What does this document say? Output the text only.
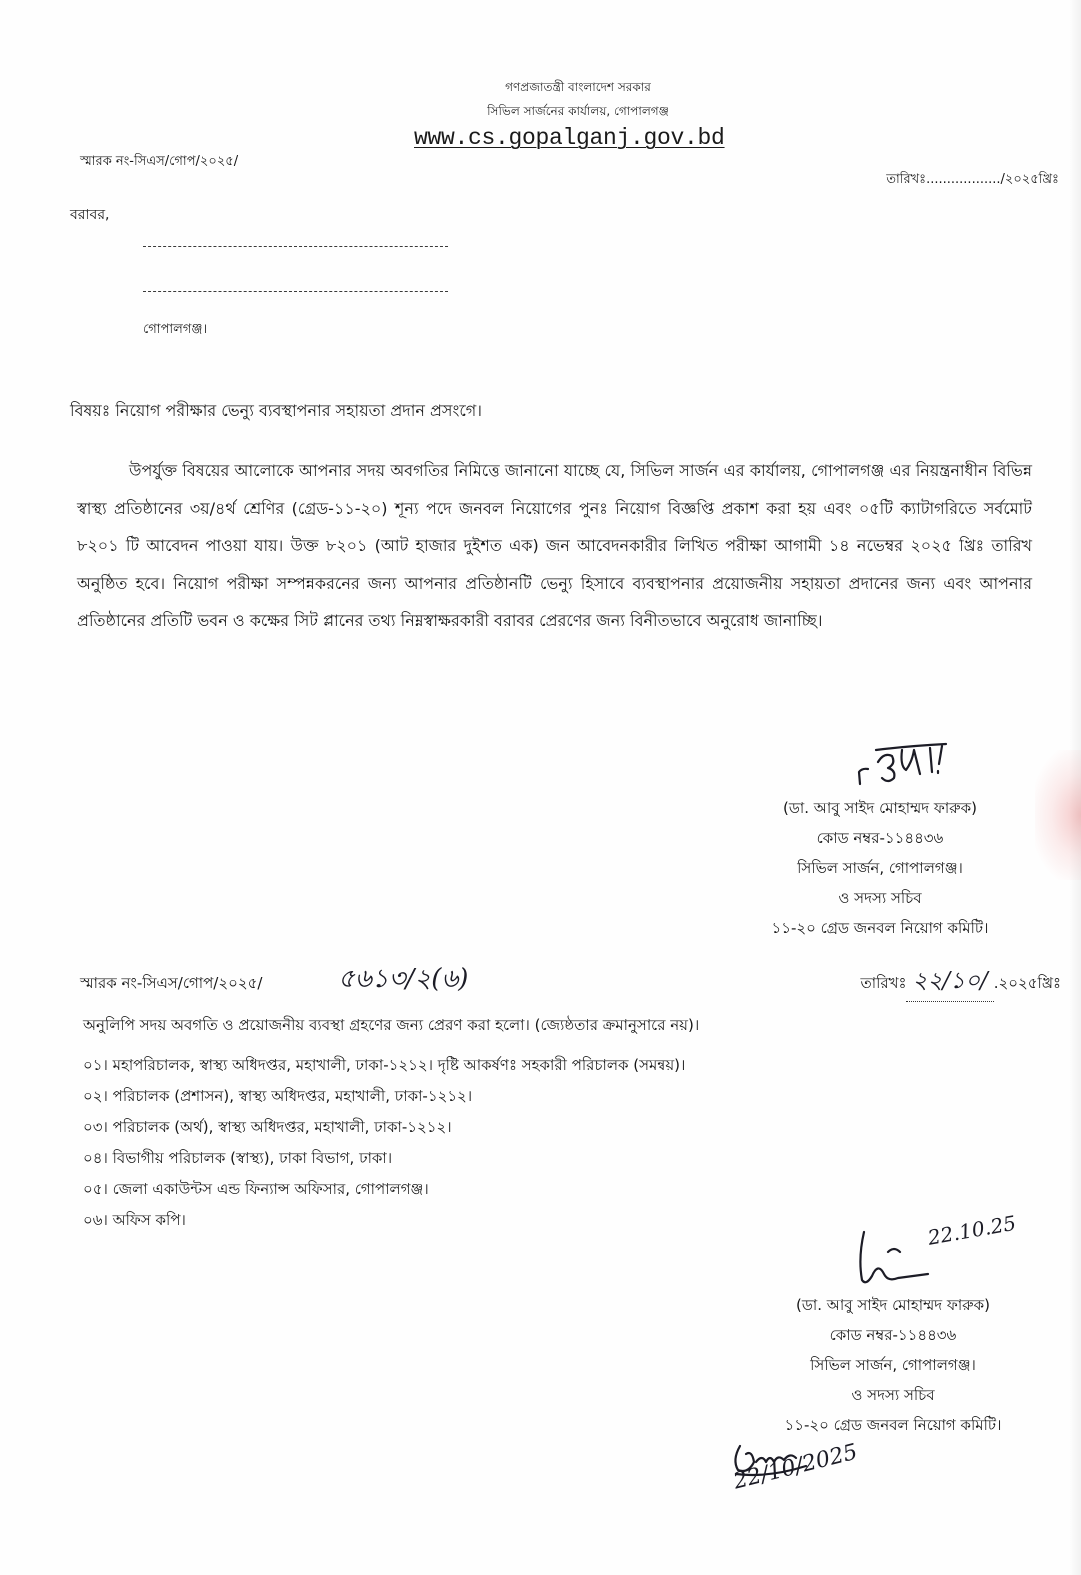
গণপ্রজাতন্ত্রী বাংলাদেশ সরকার
সিভিল সার্জনের কার্যালয়, গোপালগঞ্জ
www.cs.gopalganj.gov.bd
স্মারক নং-সিএস/গোপ/২০২৫/
তারিখঃ .................. /২০২৫খ্রিঃ
বরাবর,
গোপালগঞ্জ।
বিষয়ঃ নিয়োগ পরীক্ষার ভেন্যু ব্যবস্থাপনার সহায়তা প্রদান প্রসংগে।
উপর্যুক্ত বিষয়ের আলোকে আপনার সদয় অবগতির নিমিত্তে জানানো যাচ্ছে যে, সিভিল সার্জন এর কার্যালয়, গোপালগঞ্জ এর নিয়ন্ত্রনাধীন বিভিন্ন স্বাস্থ্য প্রতিষ্ঠানের ৩য়/৪র্থ শ্রেণির (গ্রেড-১১-২০) শূন্য পদে জনবল নিয়োগের পুনঃ নিয়োগ বিজ্ঞপ্তি প্রকাশ করা হয় এবং ০৫টি ক্যাটাগরিতে সর্বমোট ৮২০১ টি আবেদন পাওয়া যায়। উক্ত ৮২০১ (আট হাজার দুইশত এক) জন আবেদনকারীর লিখিত পরীক্ষা আগামী ১৪ নভেম্বর ২০২৫ খ্রিঃ তারিখ অনুষ্ঠিত হবে। নিয়োগ পরীক্ষা সম্পন্নকরনের জন্য আপনার প্রতিষ্ঠানটি ভেন্যু হিসাবে ব্যবস্থাপনার প্রয়োজনীয় সহায়তা প্রদানের জন্য এবং আপনার প্রতিষ্ঠানের প্রতিটি ভবন ও কক্ষের সিট প্লানের তথ্য নিম্নস্বাক্ষরকারী বরাবর প্রেরণের জন্য বিনীতভাবে অনুরোধ জানাচ্ছি।
(ডা. আবু সাইদ মোহাম্মদ ফারুক)
কোড নম্বর-১১৪৪৩৬
সিভিল সার্জন, গোপালগঞ্জ।
ও সদস্য সচিব
১১-২০ গ্রেড জনবল নিয়োগ কমিটি।
স্মারক নং-সিএস/গোপ/২০২৫/	৫৬১৩/২(৬)	তারিখঃ ২২/১০/ .২০২৫খ্রিঃ
অনুলিপি সদয় অবগতি ও প্রয়োজনীয় ব্যবস্থা গ্রহণের জন্য প্রেরণ করা হলো। (জ্যেষ্ঠতার ক্রমানুসারে নয়)।
০১। মহাপরিচালক, স্বাস্থ্য অধিদপ্তর, মহাখালী, ঢাকা-১২১২। দৃষ্টি আকর্ষণঃ সহকারী পরিচালক (সমন্বয়)।
০২। পরিচালক (প্রশাসন), স্বাস্থ্য অধিদপ্তর, মহাখালী, ঢাকা-১২১২।
০৩। পরিচালক (অর্থ), স্বাস্থ্য অধিদপ্তর, মহাখালী, ঢাকা-১২১২।
০৪। বিভাগীয় পরিচালক (স্বাস্থ্য), ঢাকা বিভাগ, ঢাকা।
০৫। জেলা একাউন্টস এন্ড ফিন্যান্স অফিসার, গোপালগঞ্জ।
০৬। অফিস কপি।	22.10.25
(ডা. আবু সাইদ মোহাম্মদ ফারুক)
কোড নম্বর-১১৪৪৩৬
সিভিল সার্জন, গোপালগঞ্জ।
ও সদস্য সচিব
১১-২০ গ্রেড জনবল নিয়োগ কমিটি।
22/10/2025
